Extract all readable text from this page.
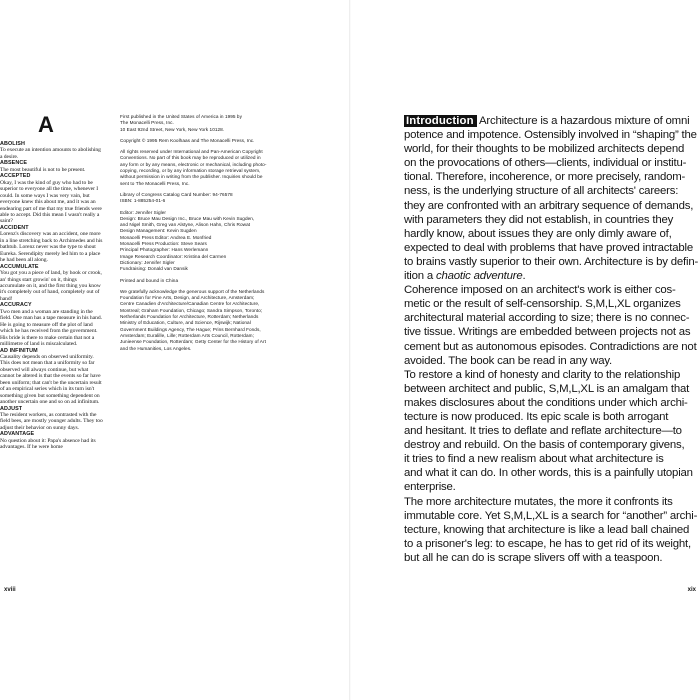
A
ABOLISH
To execute an intention amounts to abolishing a desire.
ABSENCE
The most beautiful is not to be present.
ACCEPTED
Okay, I was the kind of guy who had to be superior to everyone all the time, whenever I could. In some ways I was very vain, but everyone knew this about me, and it was an endearing part of me that my true friends were able to accept. Did this mean I wasn't really a saint?
ACCIDENT
Lorenz's discovery was an accident, one more in a line stretching back to Archimedes and his bathtub. Lorenz never was the type to shout Eureka. Serendipity merely led him to a place he had been all along.
ACCUMULATE
You got you a piece of land, by hook or crook, an' things start growin' on it, things accumulate on it, and the first thing you know it's completely out of hand, completely out of hand!
ACCURACY
Two men and a woman are standing in the field. One man has a tape measure in his hand. He is going to measure off the plot of land which he has received from the government. His bride is there to make certain that not a millimetre of land is miscalculated.
AD INFINITUM
Causality depends on observed uniformity. This does not mean that a uniformity so far observed will always continue, but what cannot be altered is that the events so far have been uniform; that can't be the uncertain result of an empirical series which in its turn isn't something given but something dependent on another uncertain one and so on ad infinitum.
ADJUST
The resident workers, as contrasted with the field bees, are mostly younger adults. They too adjust their behavior on sunny days.
ADVANTAGE
No question about it: Papa's absence had its advantages. If he were home

First published in the United States of America in 1995 by
The Monacelli Press, Inc.
10 East 92nd Street, New York, New York 10128.

Copyright © 1995 Rem Koolhaas and The Monacelli Press, Inc.

All rights reserved under International and Pan-American Copyright
Conventions. No part of this book may be reproduced or utilized in
any form or by any means, electronic or mechanical, including photo-
copying, recording, or by any information storage retrieval system,
without permission in writing from the publisher. Inquiries should be
sent to The Monacelli Press, Inc.

Library of Congress Catalog Card Number: 94-76578
ISBN: 1-885254-01-6

Editor: Jennifer Sigler
Design: Bruce Mau Design Inc., Bruce Mau with Kevin Sugden,
and Nigel Smith, Greg van Alstyne, Alison Hahn, Chris Rowat
Design Management: Kevin Sugden
Monacelli Press Editor: Andrea E. Monfried
Monacelli Press Production: Steve Sears
Principal Photographer: Hans Werlemann
Image Research Coordinator: Kristina del Carmen
Dictionary: Jennifer Sigler
Fundraising: Donald van Dansik

Printed and bound in China

We gratefully acknowledge the generous support of the Netherlands
Foundation for Fine Arts, Design, and Architecture, Amsterdam;
Centre Canadien d'Architecture/Canadian Centre for Architecture,
Montreal; Graham Foundation, Chicago; Sandra Simpson, Toronto;
Netherlands Foundation for Architecture, Rotterdam; Netherlands
Ministry of Education, Culture, and Science, Rijswijk; National
Government Buildings Agency, The Hague; Prins Bernhard Fonds,
Amsterdam; Euralille, Lille; Rotterdam Arts Council, Rotterdam;
Junieense Foundation, Rotterdam; Getty Center for the History of Art
and the Humanities, Los Angeles.

xviii
Introduction Architecture is a hazardous mixture of omni
potence and impotence. Ostensibly involved in “shaping” the
world, for their thoughts to be mobilized architects depend
on the provocations of others—clients, individual or institu-
tional. Therefore, incoherence, or more precisely, random-
ness, is the underlying structure of all architects' careers:
they are confronted with an arbitrary sequence of demands,
with parameters they did not establish, in countries they
hardly know, about issues they are only dimly aware of,
expected to deal with problems that have proved intractable
to brains vastly superior to their own. Architecture is by defin-
ition a chaotic adventure.
Coherence imposed on an architect's work is either cos-
metic or the result of self-censorship. S,M,L,XL organizes
architectural material according to size; there is no connec-
tive tissue. Writings are embedded between projects not as
cement but as autonomous episodes. Contradictions are not
avoided. The book can be read in any way.
To restore a kind of honesty and clarity to the relationship
between architect and public, S,M,L,XL is an amalgam that
makes disclosures about the conditions under which archi-
tecture is now produced. Its epic scale is both arrogant
and hesitant. It tries to deflate and reflate architecture—to
destroy and rebuild. On the basis of contemporary givens,
it tries to find a new realism about what architecture is
and what it can do. In other words, this is a painfully utopian
enterprise.
The more architecture mutates, the more it confronts its
immutable core. Yet S,M,L,XL is a search for “another” archi-
tecture, knowing that architecture is like a lead ball chained
to a prisoner's leg: to escape, he has to get rid of its weight,
but all he can do is scrape slivers off with a teaspoon.
xix
